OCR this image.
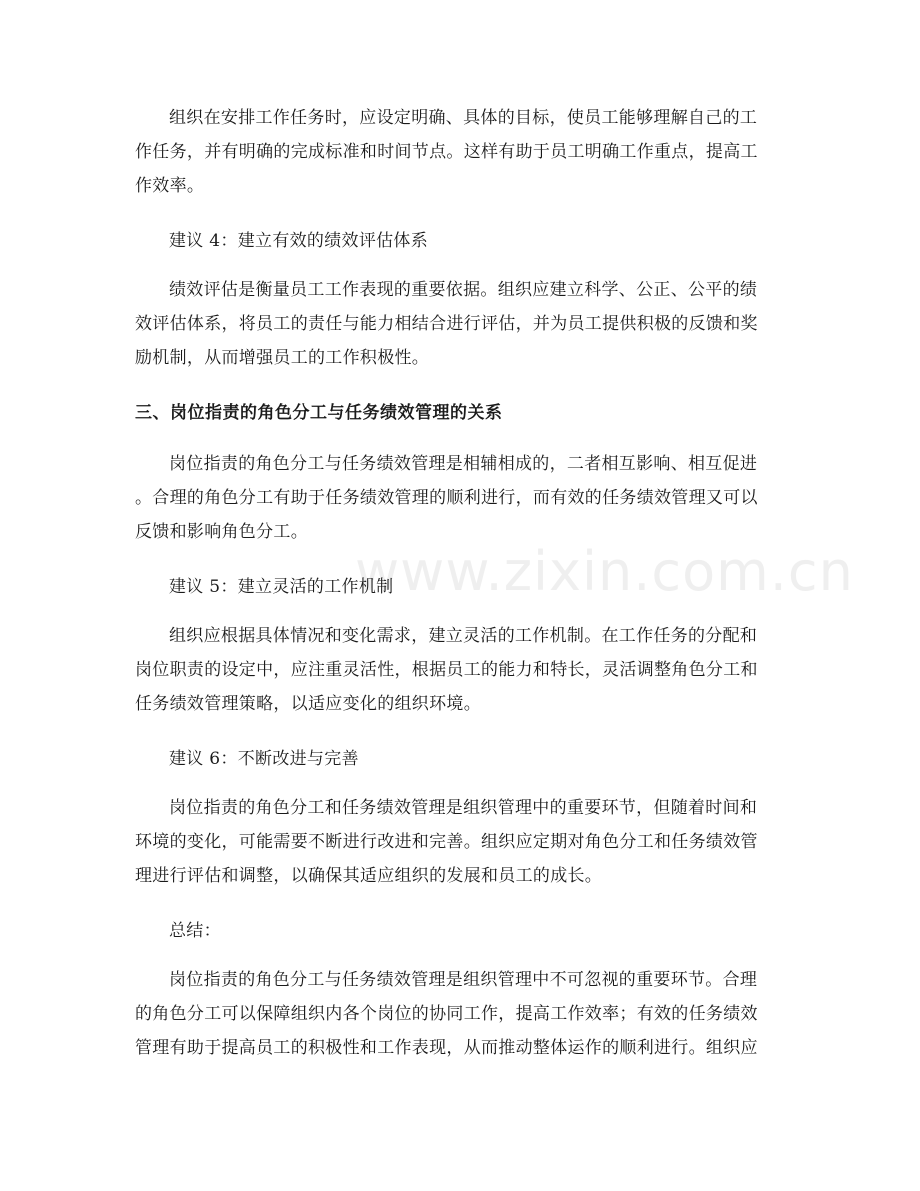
www.zixin.com.cn
组织在安排工作任务时，应设定明确、具体的目标，使员工能够理解自己的工
作任务，并有明确的完成标准和时间节点。这样有助于员工明确工作重点，提高工
作效率。
建议 4：建立有效的绩效评估体系
绩效评估是衡量员工工作表现的重要依据。组织应建立科学、公正、公平的绩
效评估体系，将员工的责任与能力相结合进行评估，并为员工提供积极的反馈和奖
励机制，从而增强员工的工作积极性。
三、岗位指责的角色分工与任务绩效管理的关系
岗位指责的角色分工与任务绩效管理是相辅相成的，二者相互影响、相互促进
。合理的角色分工有助于任务绩效管理的顺利进行，而有效的任务绩效管理又可以
反馈和影响角色分工。
建议 5：建立灵活的工作机制
组织应根据具体情况和变化需求，建立灵活的工作机制。在工作任务的分配和
岗位职责的设定中，应注重灵活性，根据员工的能力和特长，灵活调整角色分工和
任务绩效管理策略，以适应变化的组织环境。
建议 6：不断改进与完善
岗位指责的角色分工和任务绩效管理是组织管理中的重要环节，但随着时间和
环境的变化，可能需要不断进行改进和完善。组织应定期对角色分工和任务绩效管
理进行评估和调整，以确保其适应组织的发展和员工的成长。
总结：
岗位指责的角色分工与任务绩效管理是组织管理中不可忽视的重要环节。合理
的角色分工可以保障组织内各个岗位的协同工作，提高工作效率；有效的任务绩效
管理有助于提高员工的积极性和工作表现，从而推动整体运作的顺利进行。组织应
